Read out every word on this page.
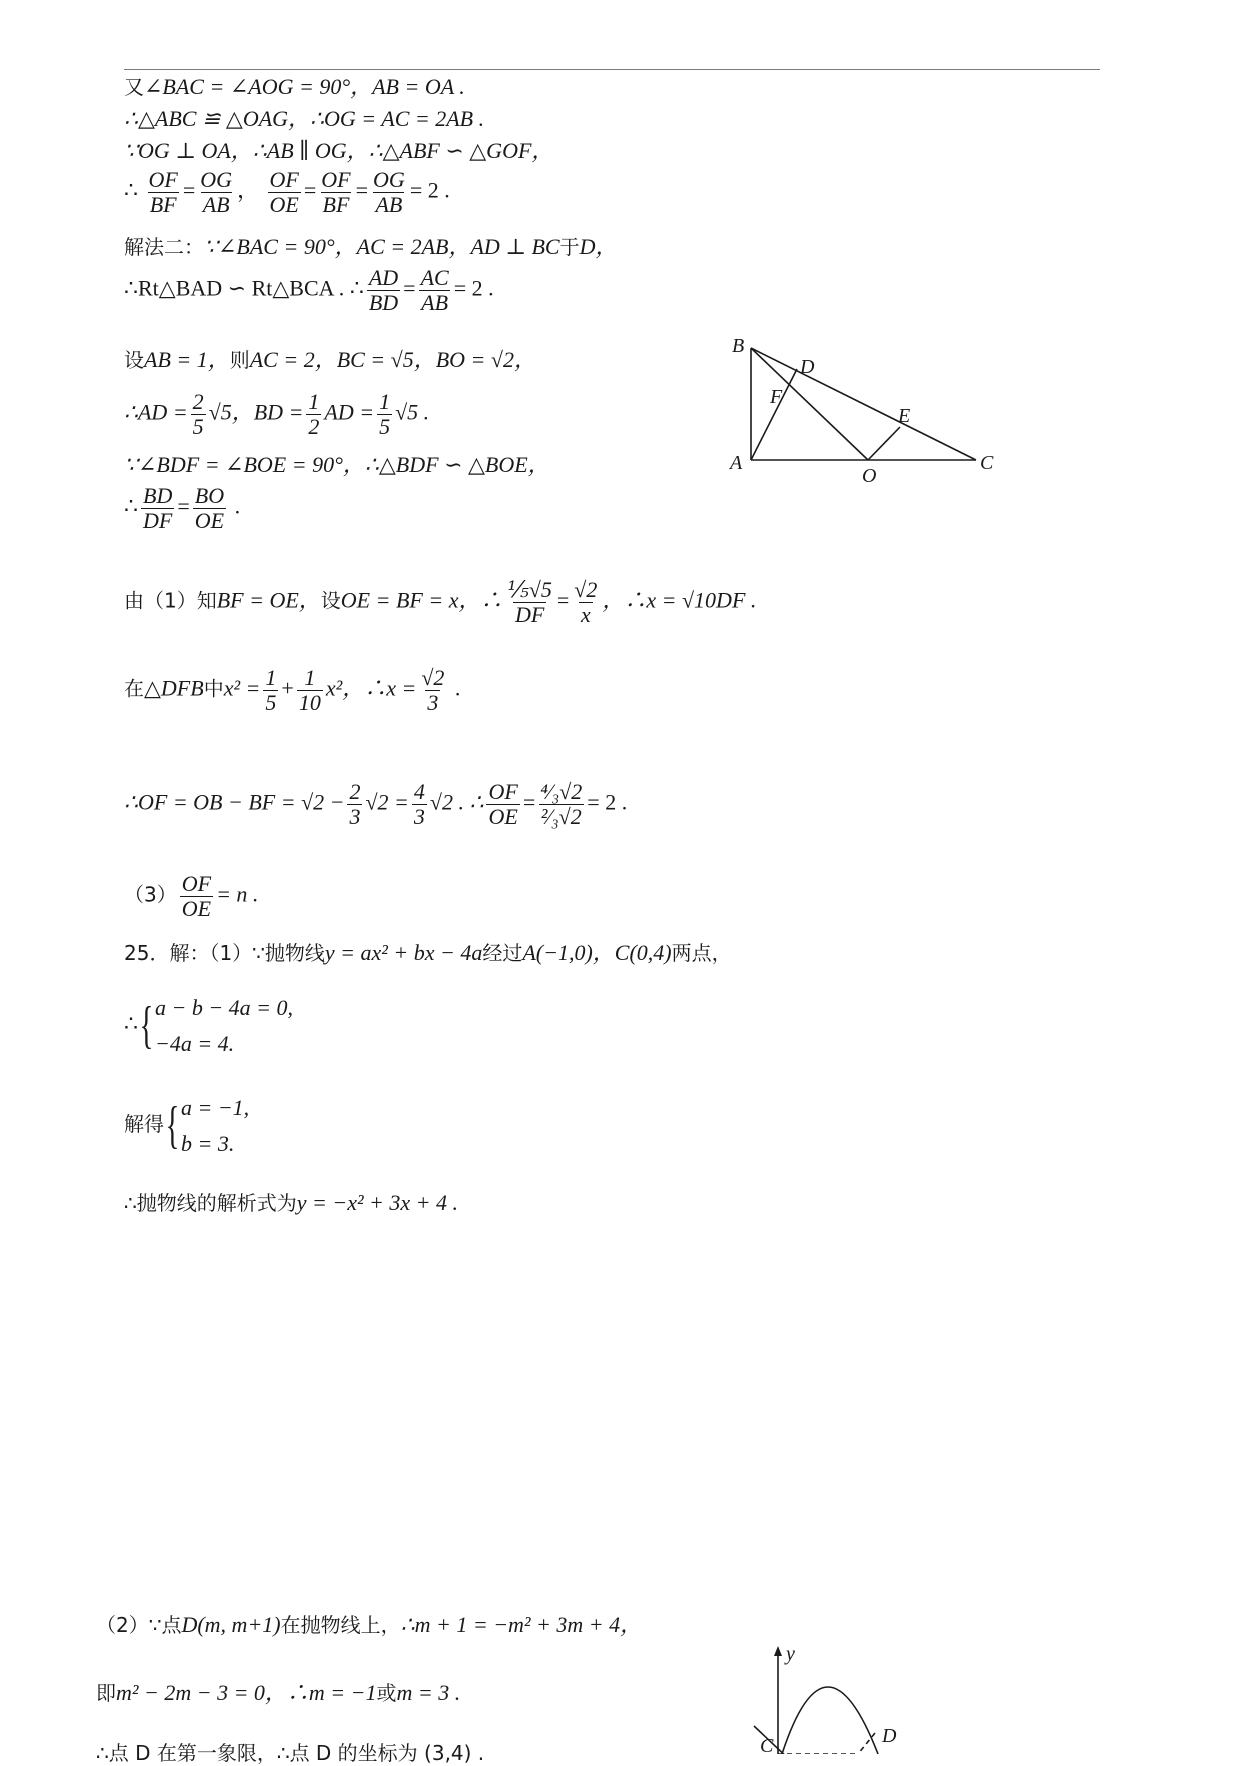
又∠BAC = ∠AOG = 90°，AB = OA .
∴△ABC ≌ △OAG，∴OG = AC = 2AB .
∵OG ⊥ OA，∴AB ∥ OG，∴△ABF ∽ △GOF，
∴ $\frac{OF}{BF} = \frac{OG}{AB}$ ， $\frac{OF}{OE} = \frac{OF}{BF} = \frac{OG}{AB} = 2$ .
解法二：∵∠BAC = 90°，AC = 2AB，AD ⊥ BC于D，
∴Rt△BAD ∽ Rt△BCA . ∴ $\frac{AD}{BD} = \frac{AC}{AB} = 2$ .
设AB = 1，则AC = 2，BC = √5，BO = √2，
∴AD = $\frac{2}{5} √5$，BD = $\frac{1}{2}$ AD = $\frac{1}{5} √5$ .
∵∠BDF = ∠BOE = 90°，∴△BDF ∽ △BOE，
∴ $\frac{BD}{DF} = \frac{BO}{OE}$ .
由（1）知BF = OE，设OE = BF = x，∴ $\frac{\text{⅕√5}}{DF} = \frac{√2}{x}$ ，∴x = √10DF .
在△DFB中$x^2 = \frac{1}{5} + \frac{1}{10} x^2$，∴x = $\frac{√2}{3}$ .
∴OF = OB − BF = $√2 - \frac{2}{3} √2 = \frac{4}{3} √2$ . ∴ $\frac{OF}{OE} = \frac{\text{⁴⁄₃√2}}{\text{²⁄₃√2}} = 2$ .
$(3) \frac{OF}{OE} = n$ .
25．解：（1）∵抛物线y = ax² + bx − 4a经过A(−1,0)，C(0,4)两点，
∴{ a − b − 4a = 0,
−4a = 4.
解得{ a = −1,
b = 3.
∴抛物线的解析式为y = −x² + 3x + 4 .
（2）∵点D(m, m+1)在抛物线上，∴m + 1 = −m² + 3m + 4，
即m² − 2m − 3 = 0，∴m = −1或m = 3 .
∴点 D 在第一象限，∴点 D 的坐标为 (3,4) .
B
D
F
E
A
O
C
y
C	D
